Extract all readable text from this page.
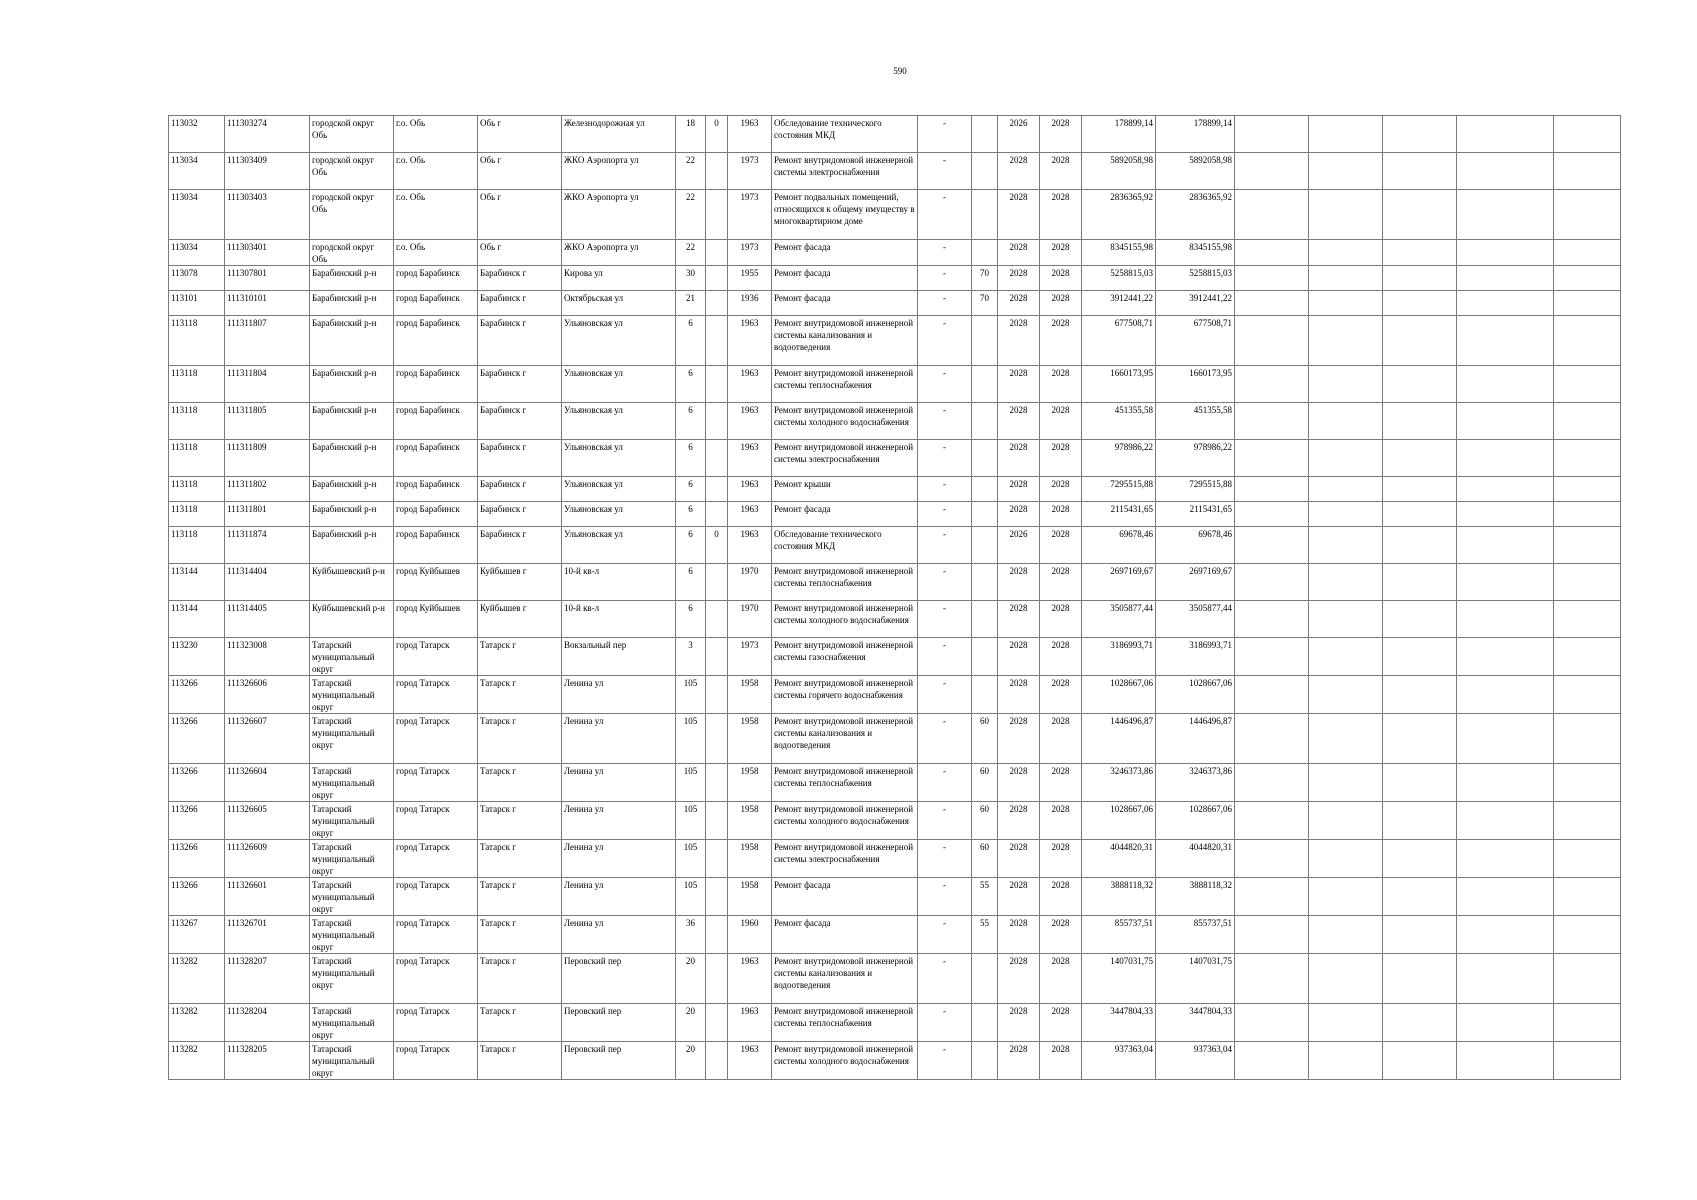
590
113032	111303274	городской округ Обь	г.о. Обь	Обь г	Железнодорожная ул	18	0	1963	Обследование технического состояния МКД	-		2026	2028	178899,14	178899,14					
113034	111303409	городской округ Обь	г.о. Обь	Обь г	ЖКО Аэропорта ул	22		1973	Ремонт внутридомовой инженерной системы электроснабжения	-		2028	2028	5892058,98	5892058,98					
113034	111303403	городской округ Обь	г.о. Обь	Обь г	ЖКО Аэропорта ул	22		1973	Ремонт подвальных помещений, относящихся к общему имуществу в многоквартирном доме	-		2028	2028	2836365,92	2836365,92					
113034	111303401	городской округ Обь	г.о. Обь	Обь г	ЖКО Аэропорта ул	22		1973	Ремонт фасада	-		2028	2028	8345155,98	8345155,98					
113078	111307801	Барабинский р-н	город Барабинск	Барабинск г	Кирова ул	30		1955	Ремонт фасада	-	70	2028	2028	5258815,03	5258815,03					
113101	111310101	Барабинский р-н	город Барабинск	Барабинск г	Октябрьская ул	21		1936	Ремонт фасада	-	70	2028	2028	3912441,22	3912441,22					
113118	111311807	Барабинский р-н	город Барабинск	Барабинск г	Ульяновская ул	6		1963	Ремонт внутридомовой инженерной системы канализования и водоотведения	-		2028	2028	677508,71	677508,71					
113118	111311804	Барабинский р-н	город Барабинск	Барабинск г	Ульяновская ул	6		1963	Ремонт внутридомовой инженерной системы теплоснабжения	-		2028	2028	1660173,95	1660173,95					
113118	111311805	Барабинский р-н	город Барабинск	Барабинск г	Ульяновская ул	6		1963	Ремонт внутридомовой инженерной системы холодного водоснабжения	-		2028	2028	451355,58	451355,58					
113118	111311809	Барабинский р-н	город Барабинск	Барабинск г	Ульяновская ул	6		1963	Ремонт внутридомовой инженерной системы электроснабжения	-		2028	2028	978986,22	978986,22					
113118	111311802	Барабинский р-н	город Барабинск	Барабинск г	Ульяновская ул	6		1963	Ремонт крыши	-		2028	2028	7295515,88	7295515,88					
113118	111311801	Барабинский р-н	город Барабинск	Барабинск г	Ульяновская ул	6		1963	Ремонт фасада	-		2028	2028	2115431,65	2115431,65					
113118	111311874	Барабинский р-н	город Барабинск	Барабинск г	Ульяновская ул	6	0	1963	Обследование технического состояния МКД	-		2026	2028	69678,46	69678,46					
113144	111314404	Куйбышевский р-н	город Куйбышев	Куйбышев г	10-й кв-л	6		1970	Ремонт внутридомовой инженерной системы теплоснабжения	-		2028	2028	2697169,67	2697169,67					
113144	111314405	Куйбышевский р-н	город Куйбышев	Куйбышев г	10-й кв-л	6		1970	Ремонт внутридомовой инженерной системы холодного водоснабжения	-		2028	2028	3505877,44	3505877,44					
113230	111323008	Татарский муниципальный округ	город Татарск	Татарск г	Вокзальный пер	3		1973	Ремонт внутридомовой инженерной системы газоснабжения	-		2028	2028	3186993,71	3186993,71					
113266	111326606	Татарский муниципальный округ	город Татарск	Татарск г	Ленина ул	105		1958	Ремонт внутридомовой инженерной системы горячего водоснабжения	-		2028	2028	1028667,06	1028667,06					
113266	111326607	Татарский муниципальный округ	город Татарск	Татарск г	Ленина ул	105		1958	Ремонт внутридомовой инженерной системы канализования и водоотведения	-	60	2028	2028	1446496,87	1446496,87					
113266	111326604	Татарский муниципальный округ	город Татарск	Татарск г	Ленина ул	105		1958	Ремонт внутридомовой инженерной системы теплоснабжения	-	60	2028	2028	3246373,86	3246373,86					
113266	111326605	Татарский муниципальный округ	город Татарск	Татарск г	Ленина ул	105		1958	Ремонт внутридомовой инженерной системы холодного водоснабжения	-	60	2028	2028	1028667,06	1028667,06					
113266	111326609	Татарский муниципальный округ	город Татарск	Татарск г	Ленина ул	105		1958	Ремонт внутридомовой инженерной системы электроснабжения	-	60	2028	2028	4044820,31	4044820,31					
113266	111326601	Татарский муниципальный округ	город Татарск	Татарск г	Ленина ул	105		1958	Ремонт фасада	-	55	2028	2028	3888118,32	3888118,32					
113267	111326701	Татарский муниципальный округ	город Татарск	Татарск г	Ленина ул	36		1960	Ремонт фасада	-	55	2028	2028	855737,51	855737,51					
113282	111328207	Татарский муниципальный округ	город Татарск	Татарск г	Перовский пер	20		1963	Ремонт внутридомовой инженерной системы канализования и водоотведения	-		2028	2028	1407031,75	1407031,75					
113282	111328204	Татарский муниципальный округ	город Татарск	Татарск г	Перовский пер	20		1963	Ремонт внутридомовой инженерной системы теплоснабжения	-		2028	2028	3447804,33	3447804,33					
113282	111328205	Татарский муниципальный округ	город Татарск	Татарск г	Перовский пер	20		1963	Ремонт внутридомовой инженерной системы холодного водоснабжения	-		2028	2028	937363,04	937363,04					
